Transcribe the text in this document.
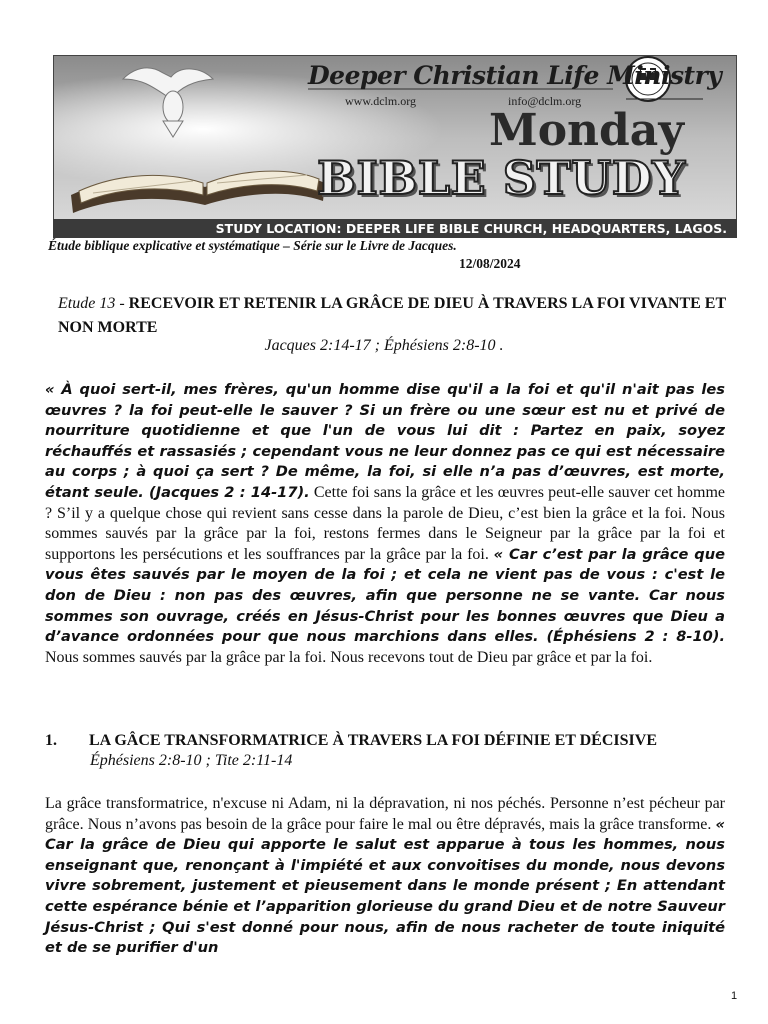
Deeper Christian Life Ministry
www.dclm.org	info@dclm.org
Monday
BIBLE STUDY
STUDY LOCATION: DEEPER LIFE BIBLE CHURCH, HEADQUARTERS, LAGOS.
Étude biblique explicative et systématique – Série sur le Livre de Jacques.
12/08/2024
Etude 13 - RECEVOIR ET RETENIR LA GRÂCE DE DIEU À TRAVERS LA FOI VIVANTE ET NON MORTE
Jacques 2:14-17 ; Éphésiens 2:8-10 .
« À quoi sert-il, mes frères, qu'un homme dise qu'il a la foi et qu'il n'ait pas les œuvres ? la foi peut-elle le sauver ? Si un frère ou une sœur est nu et privé de nourriture quotidienne et que l'un de vous lui dit : Partez en paix, soyez réchauffés et rassasiés ; cependant vous ne leur donnez pas ce qui est nécessaire au corps ; à quoi ça sert ? De même, la foi, si elle n’a pas d’œuvres, est morte, étant seule. (Jacques 2 : 14-17). Cette foi sans la grâce et les œuvres peut-elle sauver cet homme ? S’il y a quelque chose qui revient sans cesse dans la parole de Dieu, c’est bien la grâce et la foi. Nous sommes sauvés par la grâce par la foi, restons fermes dans le Seigneur par la grâce par la foi et supportons les persécutions et les souffrances par la grâce par la foi. « Car c’est par la grâce que vous êtes sauvés par le moyen de la foi ; et cela ne vient pas de vous : c'est le don de Dieu : non pas des œuvres, afin que personne ne se vante. Car nous sommes son ouvrage, créés en Jésus-Christ pour les bonnes œuvres que Dieu a d’avance ordonnées pour que nous marchions dans elles. (Éphésiens 2 : 8-10). Nous sommes sauvés par la grâce par la foi. Nous recevons tout de Dieu par grâce et par la foi.
1. LA GÂCE TRANSFORMATRICE À TRAVERS LA FOI DÉFINIE ET DÉCISIVE
Éphésiens 2:8-10 ; Tite 2:11-14
La grâce transformatrice, n'excuse ni Adam, ni la dépravation, ni nos péchés. Personne n’est pécheur par grâce. Nous n’avons pas besoin de la grâce pour faire le mal ou être dépravés, mais la grâce transforme. « Car la grâce de Dieu qui apporte le salut est apparue à tous les hommes, nous enseignant que, renonçant à l'impiété et aux convoitises du monde, nous devons vivre sobrement, justement et pieusement dans le monde présent ; En attendant cette espérance bénie et l’apparition glorieuse du grand Dieu et de notre Sauveur Jésus-Christ ; Qui s'est donné pour nous, afin de nous racheter de toute iniquité et de se purifier d'un
1
